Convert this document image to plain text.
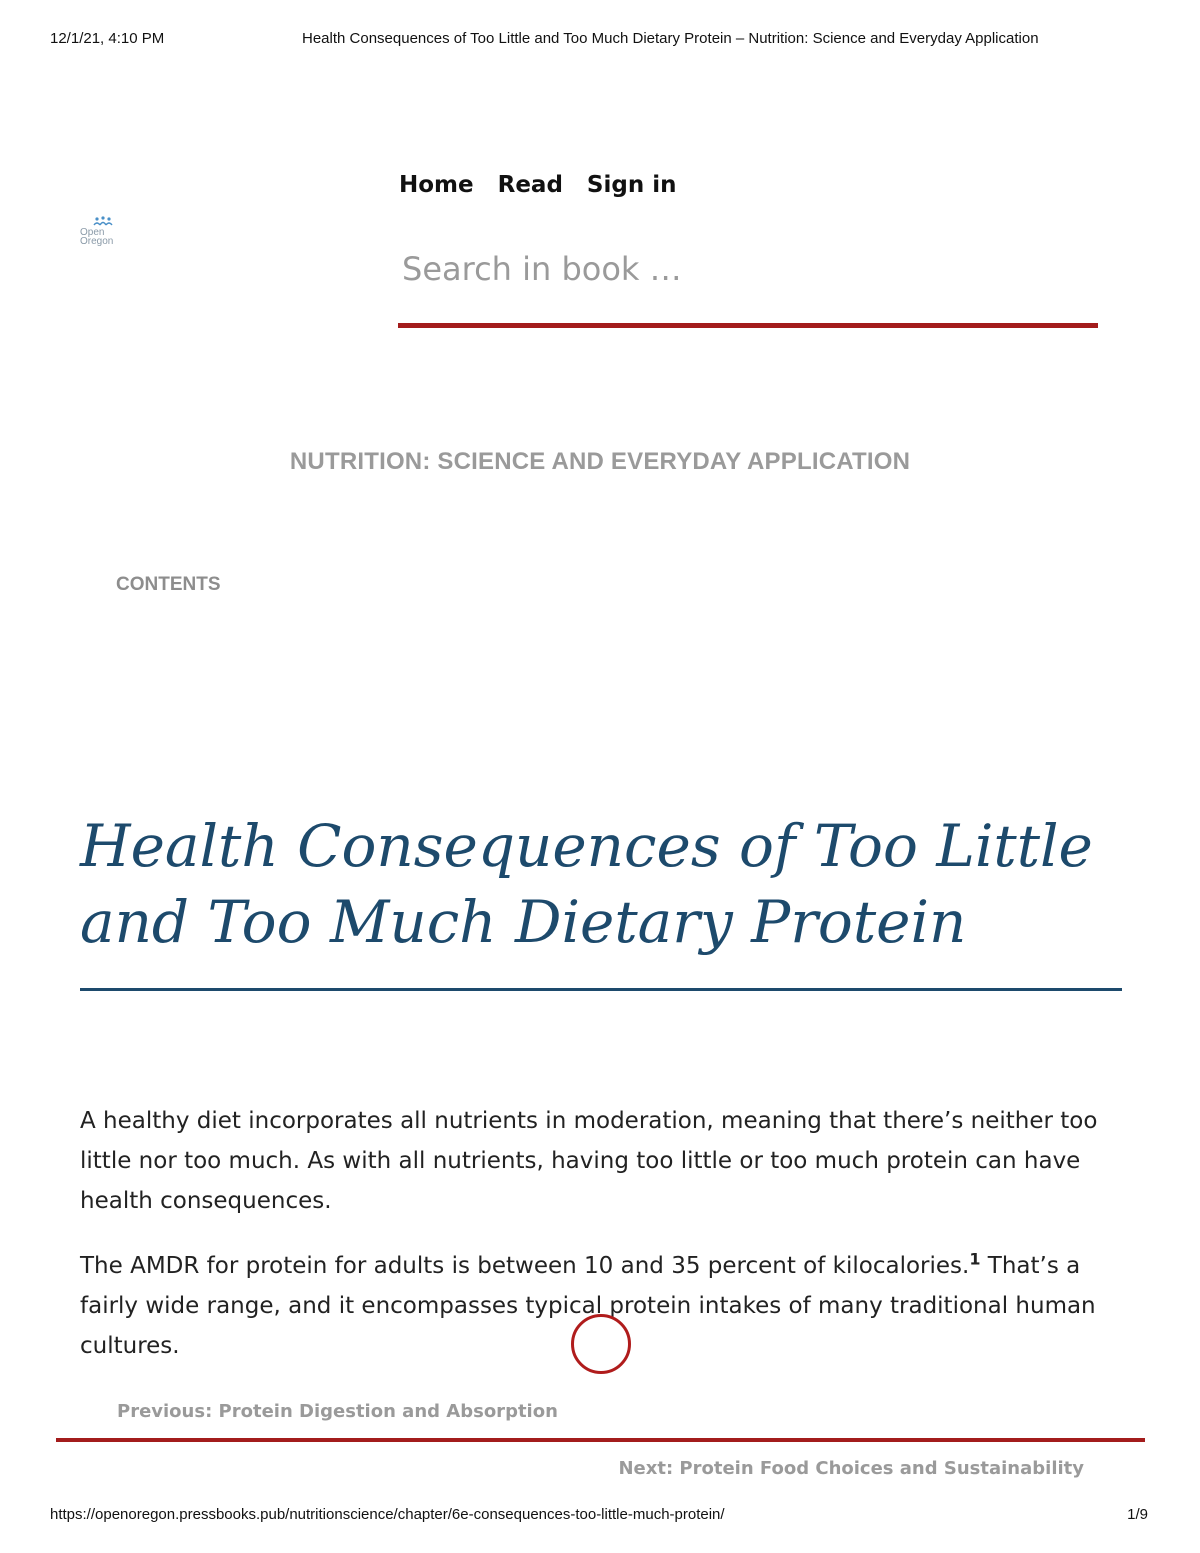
12/1/21, 4:10 PM	Health Consequences of Too Little and Too Much Dietary Protein – Nutrition: Science and Everyday Application
Open Oregon
Home Read Sign in
Search in book …
NUTRITION: SCIENCE AND EVERYDAY APPLICATION
CONTENTS
Health Consequences of Too Little and Too Much Dietary Protein

A healthy diet incorporates all nutrients in moderation, meaning that there’s neither too little nor too much. As with all nutrients, having too little or too much protein can have health consequences.

The AMDR for protein for adults is between 10 and 35 percent of kilocalories.$^1$ That’s a fairly wide range, and it encompasses typical protein intakes of many traditional human cultures.

Previous: Protein Digestion and Absorption
Next: Protein Food Choices and Sustainability
https://openoregon.pressbooks.pub/nutritionscience/chapter/6e-consequences-too-little-much-protein/	1/9
